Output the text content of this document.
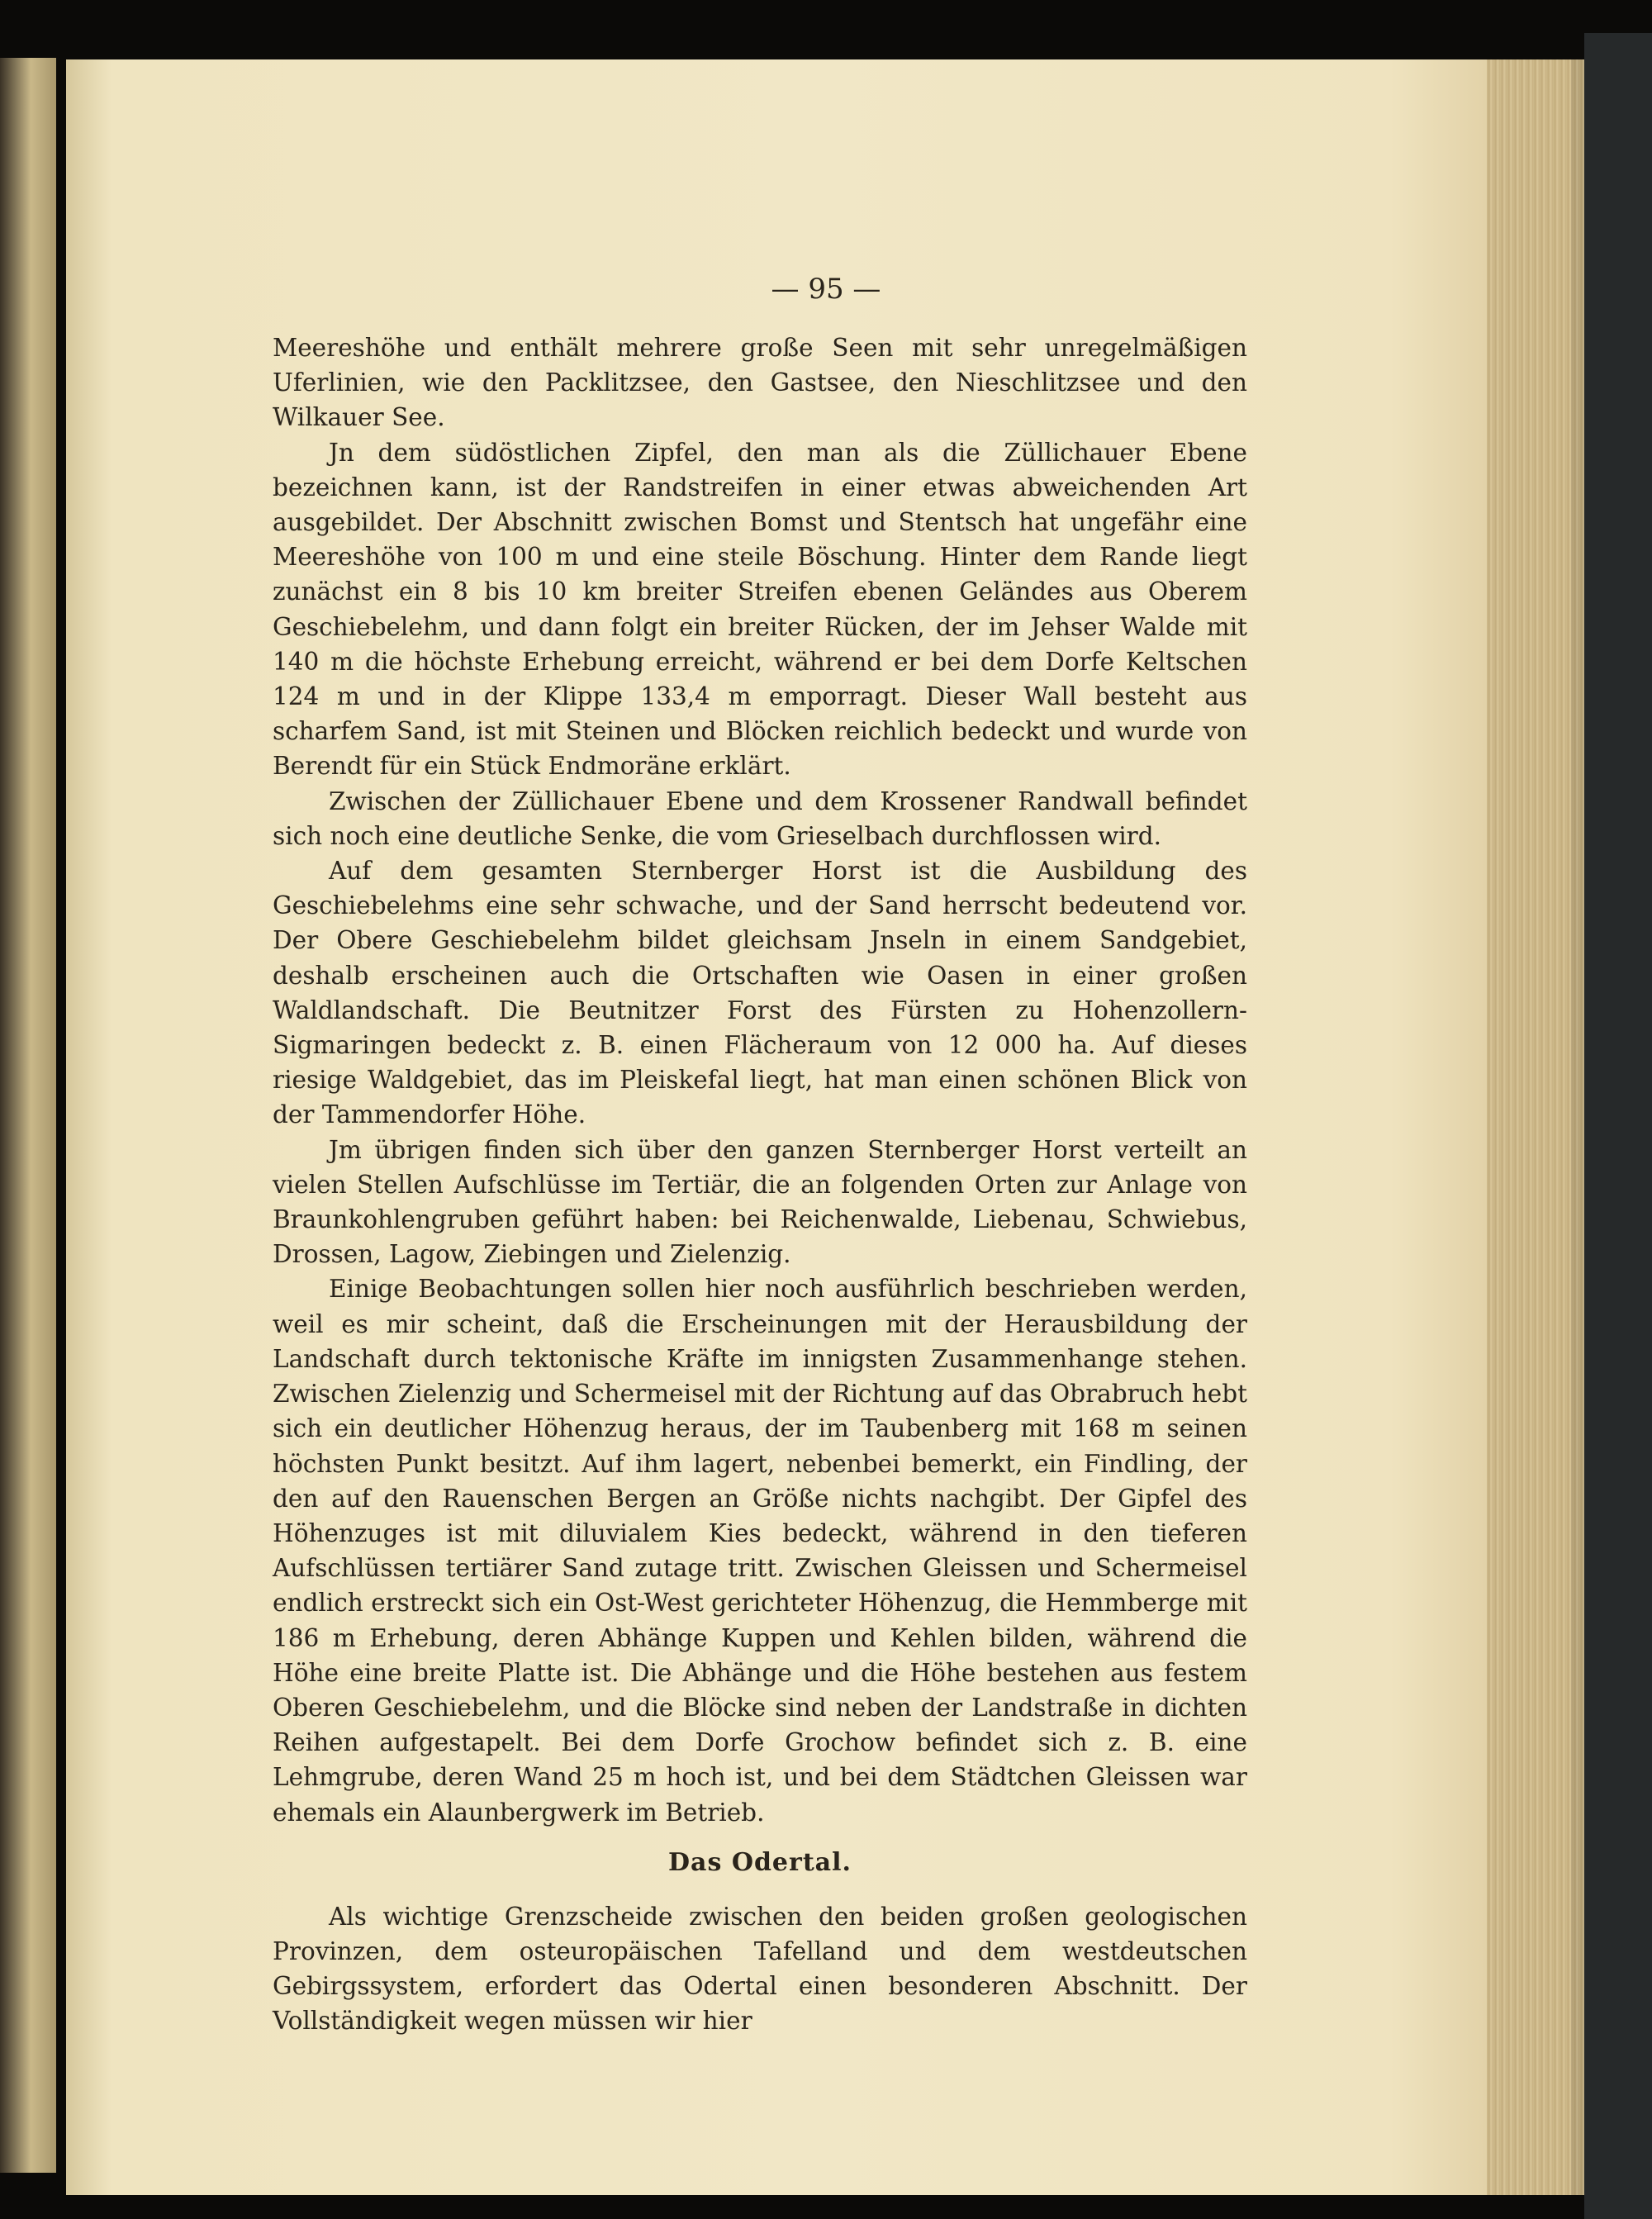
— 95 —

Meereshöhe und enthält mehrere große Seen mit sehr unregelmäßigen Uferlinien, wie den Packlitzsee, den Gastsee, den Nieschlitzsee und den Wilkauer See.

Jn dem südöstlichen Zipfel, den man als die Züllichauer Ebene bezeichnen kann, ist der Randstreifen in einer etwas abweichenden Art ausgebildet. Der Abschnitt zwischen Bomst und Stentsch hat ungefähr eine Meereshöhe von 100 m und eine steile Böschung. Hinter dem Rande liegt zunächst ein 8 bis 10 km breiter Streifen ebenen Geländes aus Oberem Geschiebelehm, und dann folgt ein breiter Rücken, der im Jehser Walde mit 140 m die höchste Erhebung erreicht, während er bei dem Dorfe Keltschen 124 m und in der Klippe 133,4 m emporragt. Dieser Wall besteht aus scharfem Sand, ist mit Steinen und Blöcken reichlich bedeckt und wurde von Berendt für ein Stück Endmoräne erklärt.

Zwischen der Züllichauer Ebene und dem Krossener Randwall befindet sich noch eine deutliche Senke, die vom Grieselbach durchflossen wird.

Auf dem gesamten Sternberger Horst ist die Ausbildung des Geschiebelehms eine sehr schwache, und der Sand herrscht bedeutend vor. Der Obere Geschiebelehm bildet gleichsam Jnseln in einem Sandgebiet, deshalb erscheinen auch die Ortschaften wie Oasen in einer großen Waldlandschaft. Die Beutnitzer Forst des Fürsten zu Hohenzollern-Sigmaringen bedeckt z. B. einen Flächeraum von 12 000 ha. Auf dieses riesige Waldgebiet, das im Pleiskefal liegt, hat man einen schönen Blick von der Tammendorfer Höhe.

Jm übrigen finden sich über den ganzen Sternberger Horst verteilt an vielen Stellen Aufschlüsse im Tertiär, die an folgenden Orten zur Anlage von Braunkohlengruben geführt haben: bei Reichenwalde, Liebenau, Schwiebus, Drossen, Lagow, Ziebingen und Zielenzig.

Einige Beobachtungen sollen hier noch ausführlich beschrieben werden, weil es mir scheint, daß die Erscheinungen mit der Herausbildung der Landschaft durch tektonische Kräfte im innigsten Zusammenhange stehen. Zwischen Zielenzig und Schermeisel mit der Richtung auf das Obrabruch hebt sich ein deutlicher Höhenzug heraus, der im Taubenberg mit 168 m seinen höchsten Punkt besitzt. Auf ihm lagert, nebenbei bemerkt, ein Findling, der den auf den Rauenschen Bergen an Größe nichts nachgibt. Der Gipfel des Höhenzuges ist mit diluvialem Kies bedeckt, während in den tieferen Aufschlüssen tertiärer Sand zutage tritt. Zwischen Gleissen und Schermeisel endlich erstreckt sich ein Ost-West gerichteter Höhenzug, die Hemmberge mit 186 m Erhebung, deren Abhänge Kuppen und Kehlen bilden, während die Höhe eine breite Platte ist. Die Abhänge und die Höhe bestehen aus festem Oberen Geschiebelehm, und die Blöcke sind neben der Landstraße in dichten Reihen aufgestapelt. Bei dem Dorfe Grochow befindet sich z. B. eine Lehmgrube, deren Wand 25 m hoch ist, und bei dem Städtchen Gleissen war ehemals ein Alaunbergwerk im Betrieb.

Das Odertal.

Als wichtige Grenzscheide zwischen den beiden großen geologischen Provinzen, dem osteuropäischen Tafelland und dem westdeutschen Gebirgssystem, erfordert das Odertal einen besonderen Abschnitt. Der Vollständigkeit wegen müssen wir hier
